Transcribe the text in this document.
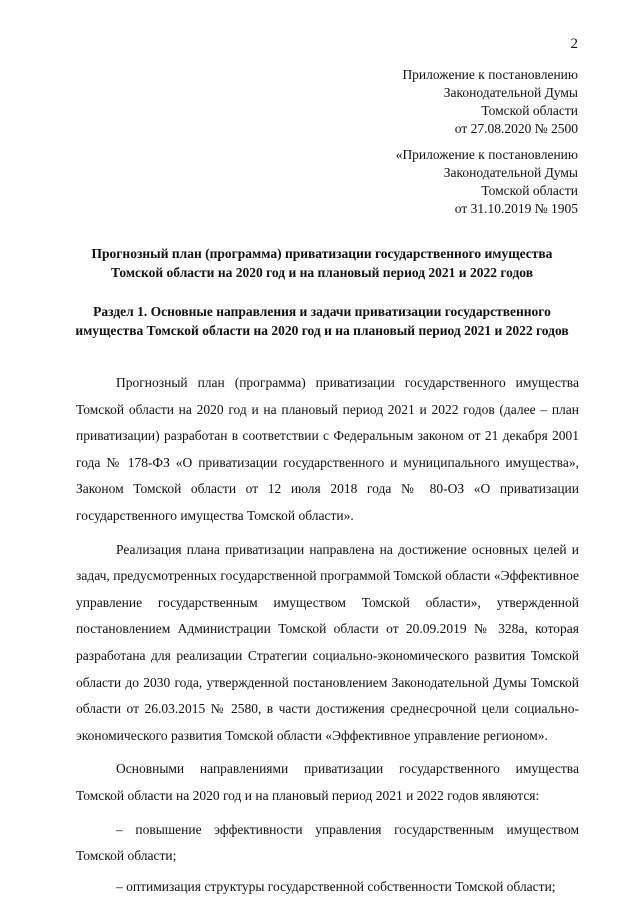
2
Приложение к постановлению
Законодательной Думы
Томской области
от 27.08.2020 № 2500
«Приложение к постановлению
Законодательной Думы
Томской области
от 31.10.2019 № 1905
Прогнозный план (программа) приватизации государственного имущества Томской области на 2020 год и на плановый период 2021 и 2022 годов
Раздел 1. Основные направления и задачи приватизации государственного имущества Томской области на 2020 год и на плановый период 2021 и 2022 годов

Прогнозный план (программа) приватизации государственного имущества Томской области на 2020 год и на плановый период 2021 и 2022 годов (далее – план приватизации) разработан в соответствии с Федеральным законом от 21 декабря 2001 года № 178-ФЗ «О приватизации государственного и муниципального имущества», Законом Томской области от 12 июля 2018 года № 80-ОЗ «О приватизации государственного имущества Томской области».

Реализация плана приватизации направлена на достижение основных целей и задач, предусмотренных государственной программой Томской области «Эффективное управление государственным имуществом Томской области», утвержденной постановлением Администрации Томской области от 20.09.2019 № 328а, которая разработана для реализации Стратегии социально-экономического развития Томской области до 2030 года, утвержденной постановлением Законодательной Думы Томской области от 26.03.2015 № 2580, в части достижения среднесрочной цели социально-экономического развития Томской области «Эффективное управление регионом».

Основными направлениями приватизации государственного имущества Томской области на 2020 год и на плановый период 2021 и 2022 годов являются:

– повышение эффективности управления государственным имуществом Томской области;

– оптимизация структуры государственной собственности Томской области;
